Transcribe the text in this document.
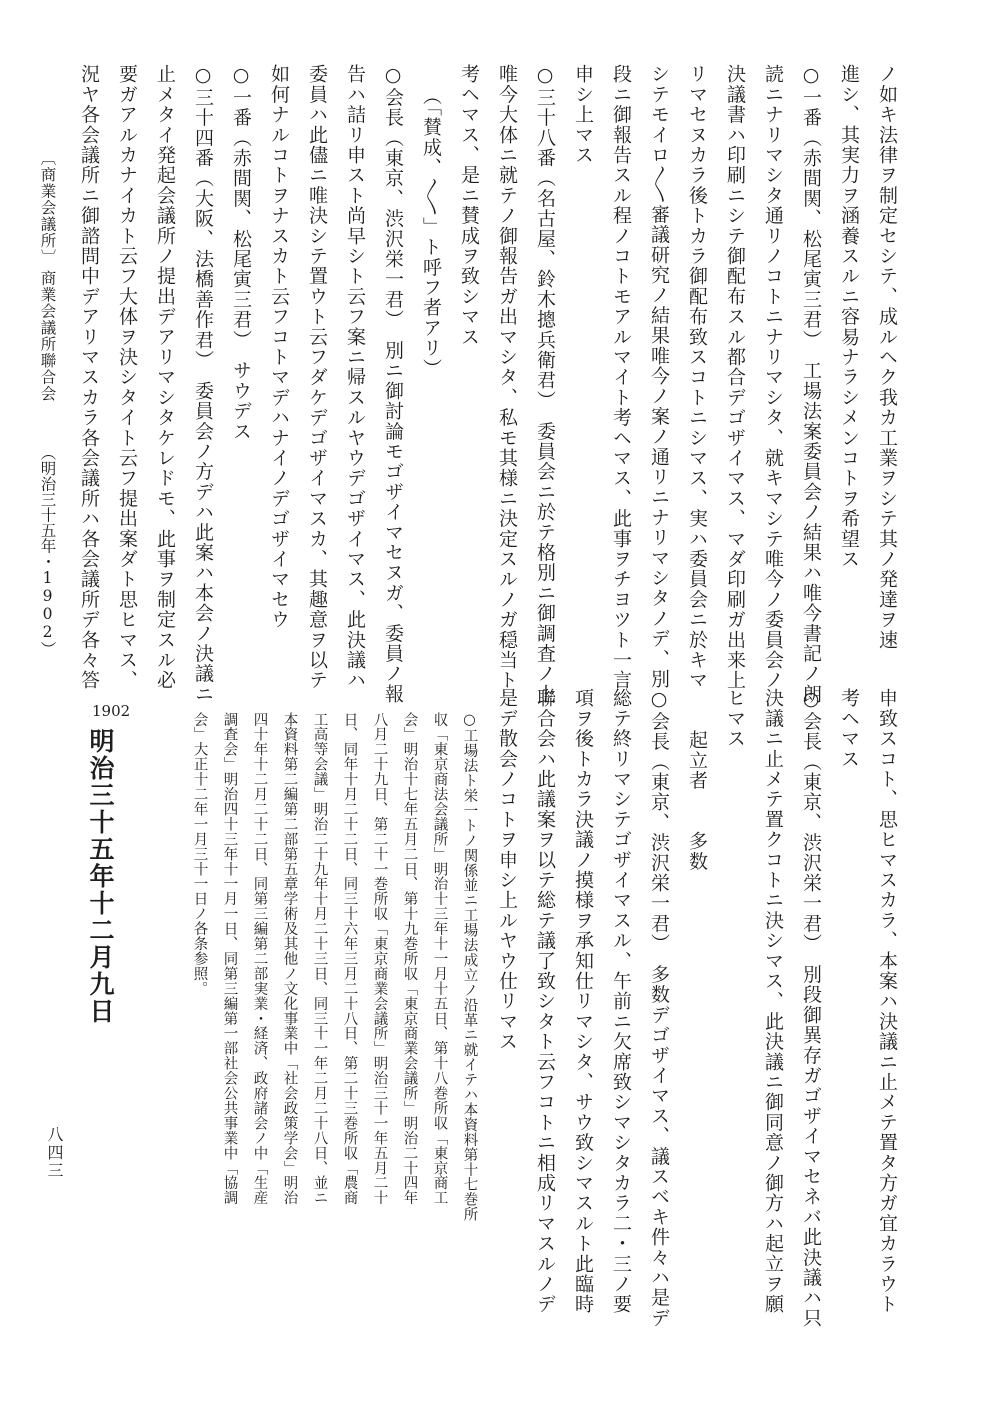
ノ如キ法律ヲ制定セシテ、成ルヘク我カ工業ヲシテ其ノ発達ヲ速
進シ、其実力ヲ涵養スルニ容易ナラシメンコトヲ希望ス
○一番（赤間関、松尾寅三君）　工場法案委員会ノ結果ハ唯今書記ノ朗
読ニナリマシタ通リノコトニナリマシタ、就キマシテ唯今ノ委員会ノ
決議書ハ印刷ニシテ御配布スル都合デゴザイマス、マダ印刷ガ出来上
リマセヌカラ後トカラ御配布致スコトニシマス、実ハ委員会ニ於キマ
シテモイロ〳〵審議研究ノ結果唯今ノ案ノ通リニナリマシタノデ、別
段ニ御報告スル程ノコトモアルマイト考ヘマス、此事ヲチヨツト一言
申シ上マス
○三十八番（名古屋、鈴木摠兵衛君）　委員会ニ於テ格別ニ御調査ノ上
唯今大体ニ就テノ御報告ガ出マシタ、私モ其様ニ決定スルノガ穏当ト
考ヘマス、是ニ賛成ヲ致シマス
（「賛成、〳〵」ト呼フ者アリ）
○会長（東京、渋沢栄一君）　別ニ御討論モゴザイマセヌガ、委員ノ報
告ハ詰リ申スト尚早シト云フ案ニ帰スルヤウデゴザイマス、此決議ハ
委員ハ此儘ニ唯決シテ置ウト云フダケデゴザイマスカ、其趣意ヲ以テ
如何ナルコトヲナスカト云フコトマデハナイノデゴザイマセウ
○一番（赤間関、松尾寅三君）　サウデス
○三十四番（大阪、法橋善作君）　委員会ノ方デハ此案ハ本会ノ決議ニ
止メタイ発起会議所ノ提出デアリマシタケレドモ、此事ヲ制定スル必
要ガアルカナイカト云フ大体ヲ決シタイト云フ提出案ダト思ヒマス、
況ヤ各会議所ニ御諮問中デアリマスカラ各会議所ハ各会議所デ各々答
〔商業会議所〕
商業会議所聯合会
（明治三十五年・1902）
申致スコト、思ヒマスカラ、本案ハ決議ニ止メテ置タ方ガ宜カラウト
考ヘマス
○会長（東京、渋沢栄一君）　別段御異存ガゴザイマセネバ此決議ハ只
決議ニ止メテ置クコトニ決シマス、此決議ニ御同意ノ御方ハ起立ヲ願
ヒマス
起立者　　多数
○会長（東京、渋沢栄一君）　多数デゴザイマス、議スベキ件々ハ是デ
総テ終リマシテゴザイマスル、午前ニ欠席致シマシタカラ二・三ノ要
項ヲ後トカラ決議ノ摸様ヲ承知仕リマシタ、サウ致シマスルト此臨時
聯合会ハ此議案ヲ以テ総テ議了致シタト云フコトニ相成リマスルノデ
是デ散会ノコトヲ申シ上ルヤウ仕リマス
○工場法ト栄一トノ関係並ニ工場法成立ノ沿革ニ就イテハ本資料第十七巻所
収「東京商法会議所」明治十三年十一月十五日、第十八巻所収「東京商工
会」明治十七年五月二日、第十九巻所収「東京商業会議所」明治二十四年
八月二十九日、第二十一巻所収「東京商業会議所」明治三十一年五月二十
日、同年十月二十二日、同三十六年三月二十八日、第二十三巻所収「農商
工高等会議」明治二十九年十月二十三日、同三十一年二月二十八日、並ニ
本資料第二編第二部第五章学術及其他ノ文化事業中「社会政策学会」明治
四十年十二月二十二日、同第三編第二部実業・経済、政府諸会ノ中「生産
調査会」明治四十三年十一月一日、同第三編第一部社会公共事業中「協調
会」大正十二年一月三十一日ノ各条参照。
1902
明治三十五年十二月九日
八四三
